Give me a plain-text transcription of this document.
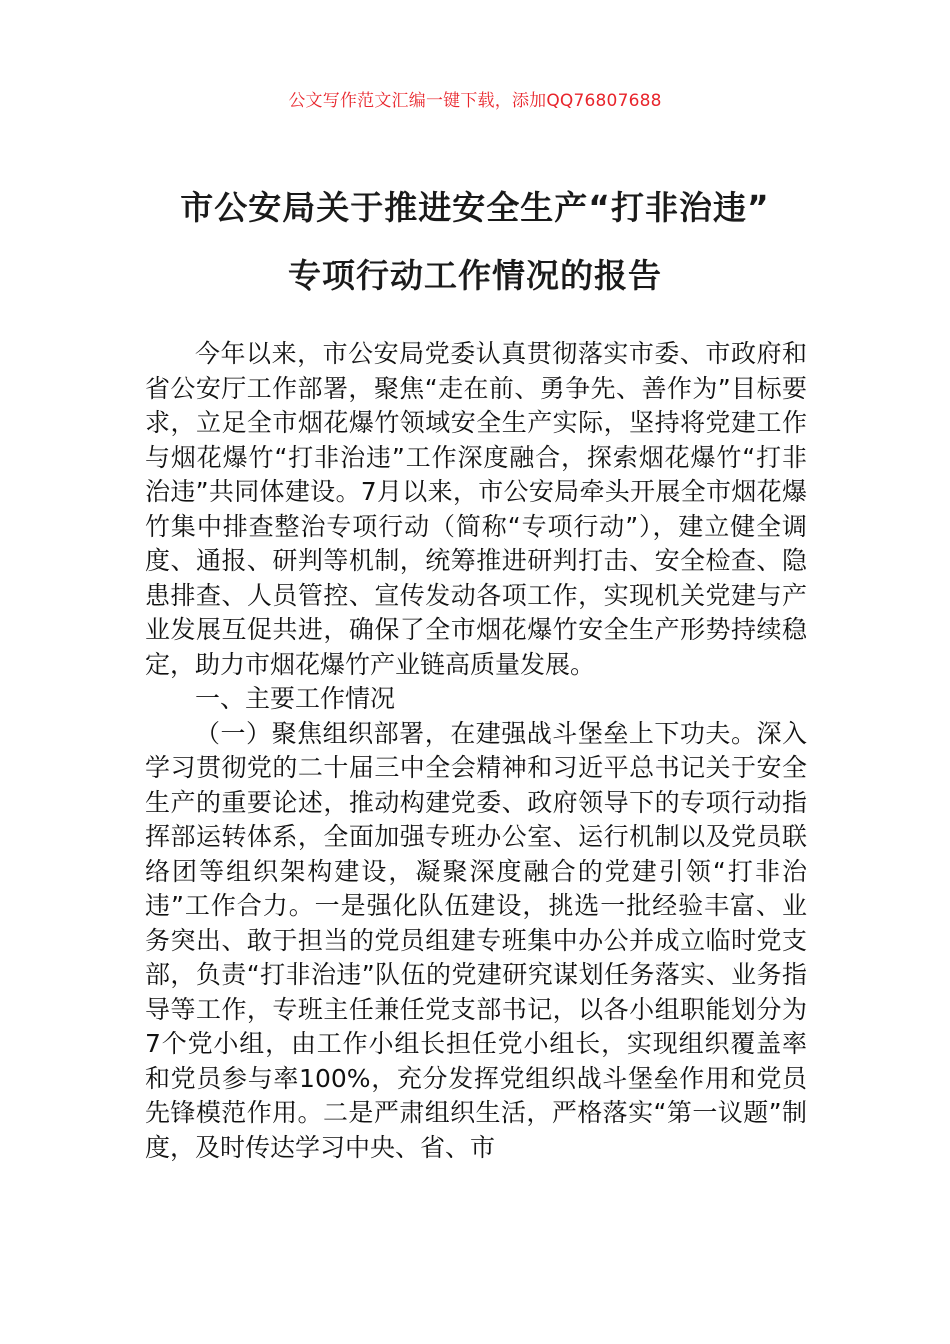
公文写作范文汇编一键下载，添加QQ76807688
市公安局关于推进安全生产“打非治违”
专项行动工作情况的报告

今年以来，市公安局党委认真贯彻落实市委、市政府和省公安厅工作部署，聚焦“走在前、勇争先、善作为”目标要求，立足全市烟花爆竹领域安全生产实际，坚持将党建工作与烟花爆竹“打非治违”工作深度融合，探索烟花爆竹“打非治违”共同体建设。7月以来，市公安局牵头开展全市烟花爆竹集中排查整治专项行动（简称“专项行动”），建立健全调度、通报、研判等机制，统筹推进研判打击、安全检查、隐患排查、人员管控、宣传发动各项工作，实现机关党建与产业发展互促共进，确保了全市烟花爆竹安全生产形势持续稳定，助力市烟花爆竹产业链高质量发展。

一、主要工作情况

（一）聚焦组织部署，在建强战斗堡垒上下功夫。深入学习贯彻党的二十届三中全会精神和习近平总书记关于安全生产的重要论述，推动构建党委、政府领导下的专项行动指挥部运转体系，全面加强专班办公室、运行机制以及党员联络团等组织架构建设，凝聚深度融合的党建引领“打非治违”工作合力。一是强化队伍建设，挑选一批经验丰富、业务突出、敢于担当的党员组建专班集中办公并成立临时党支部，负责“打非治违”队伍的党建研究谋划任务落实、业务指导等工作，专班主任兼任党支部书记，以各小组职能划分为7个党小组，由工作小组长担任党小组长，实现组织覆盖率和党员参与率100%，充分发挥党组织战斗堡垒作用和党员先锋模范作用。二是严肃组织生活，严格落实“第一议题”制度，及时传达学习中央、省、市
